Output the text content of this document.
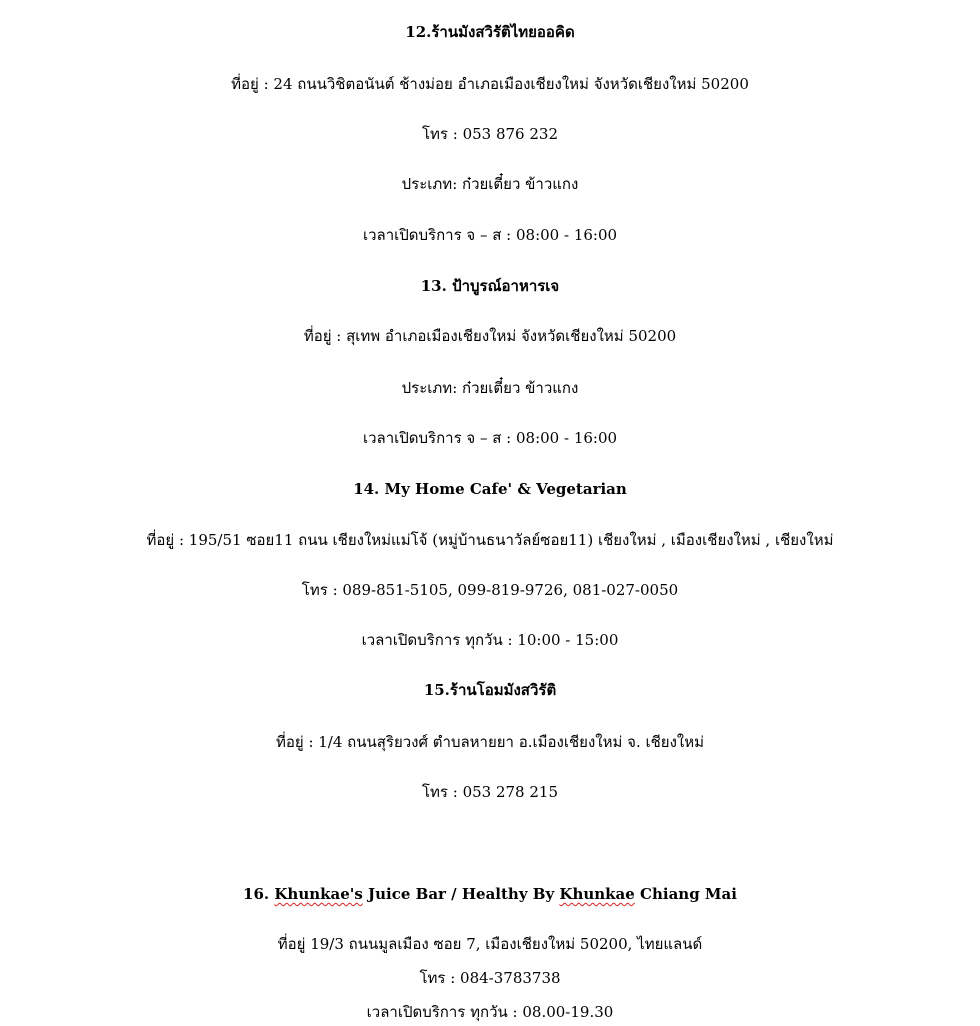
12.ร้านมังสวิรัติไทยออคิด
ที่อยู่ : 24 ถนนวิชิตอนันต์ ช้างม่อย อำเภอเมืองเชียงใหม่ จังหวัดเชียงใหม่ 50200
โทร : 053 876 232
ประเภท: ก๋วยเตี๋ยว ข้าวแกง
เวลาเปิดบริการ จ – ส : 08:00 - 16:00
13. ป้าบูรณ์อาหารเจ
ที่อยู่ : สุเทพ อำเภอเมืองเชียงใหม่ จังหวัดเชียงใหม่ 50200
ประเภท: ก๋วยเตี๋ยว ข้าวแกง
เวลาเปิดบริการ จ – ส : 08:00 - 16:00
14. My Home Cafe' & Vegetarian
ที่อยู่ : 195/51 ซอย11 ถนน เชียงใหม่แม่โจ้ (หมู่บ้านธนาวัลย์ซอย11) เชียงใหม่ , เมืองเชียงใหม่ , เชียงใหม่
โทร : 089-851-5105, 099-819-9726, 081-027-0050
เวลาเปิดบริการ ทุกวัน : 10:00 - 15:00
15.ร้านโอมมังสวิรัติ
ที่อยู่ : 1/4 ถนนสุริยวงศ์ ตำบลหายยา อ.เมืองเชียงใหม่ จ. เชียงใหม่
โทร : 053 278 215
16. Khunkae's Juice Bar / Healthy By Khunkae Chiang Mai
ที่อยู่ 19/3 ถนนมูลเมือง ซอย 7, เมืองเชียงใหม่ 50200, ไทยแลนด์
โทร : 084-3783738
เวลาเปิดบริการ ทุกวัน : 08.00-19.30
